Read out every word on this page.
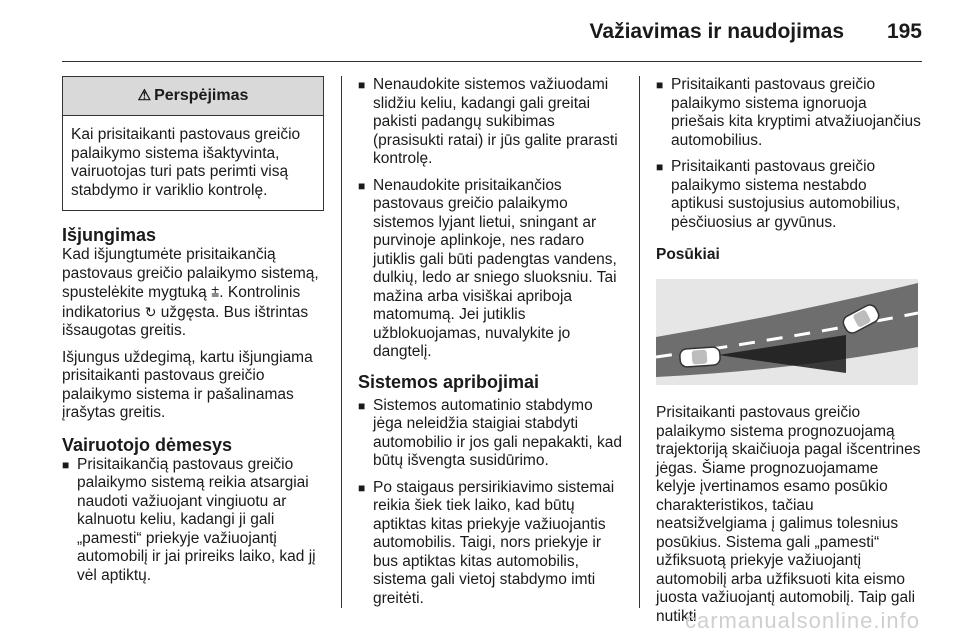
Važiavimas ir naudojimas 195
⚠ Perspėjimas
Kai prisitaikanti pastovaus greičio palaikymo sistema išaktyvinta, vairuotojas turi pats perimti visą stabdymo ir variklio kontrolę.
Išjungimas

Kad išjungtumėte prisitaikančią pastovaus greičio palaikymo sistemą, spustelėkite mygtuką ⩲. Kontrolinis indikatorius ↻ užgęsta. Bus ištrintas išsaugotas greitis.

Išjungus uždegimą, kartu išjungiama prisitaikanti pastovaus greičio palaikymo sistema ir pašalinamas įrašytas greitis.

Vairuotojo dėmesys
■ Prisitaikančią pastovaus greičio palaikymo sistemą reikia atsargiai naudoti važiuojant vingiuotu ar kalnuotu keliu, kadangi ji gali „pamesti“ priekyje važiuojantį automobilį ir jai prireiks laiko, kad jį vėl aptiktų.
■ Nenaudokite sistemos važiuodami slidžiu keliu, kadangi gali greitai pakisti padangų sukibimas (prasisukti ratai) ir jūs galite prarasti kontrolę.
■ Nenaudokite prisitaikančios pastovaus greičio palaikymo sistemos lyjant lietui, sningant ar purvinoje aplinkoje, nes radaro jutiklis gali būti padengtas vandens, dulkių, ledo ar sniego sluoksniu. Tai mažina arba visiškai apriboja matomumą. Jei jutiklis užblokuojamas, nuvalykite jo dangtelį.
Sistemos apribojimai
■ Sistemos automatinio stabdymo jėga neleidžia staigiai stabdyti automobilio ir jos gali nepakakti, kad būtų išvengta susidūrimo.
■ Po staigaus persirikiavimo sistemai reikia šiek tiek laiko, kad būtų aptiktas kitas priekyje važiuojantis automobilis. Taigi, nors priekyje ir bus aptiktas kitas automobilis, sistema gali vietoj stabdymo imti greitėti.
■ Prisitaikanti pastovaus greičio palaikymo sistema ignoruoja priešais kita kryptimi atvažiuojančius automobilius.
■ Prisitaikanti pastovaus greičio palaikymo sistema nestabdo aptikusi sustojusius automobilius, pėsčiuosius ar gyvūnus.
Posūkiai

Prisitaikanti pastovaus greičio palaikymo sistema prognozuojamą trajektoriją skaičiuoja pagal išcentrines jėgas. Šiame prognozuojamame kelyje įvertinamos esamo posūkio charakteristikos, tačiau neatsižvelgiama į galimus tolesnius posūkius. Sistema gali „pamesti“ užfiksuotą priekyje važiuojantį automobilį arba užfiksuoti kita eismo juosta važiuojantį automobilį. Taip gali nutikti

carmanualsonline.info
